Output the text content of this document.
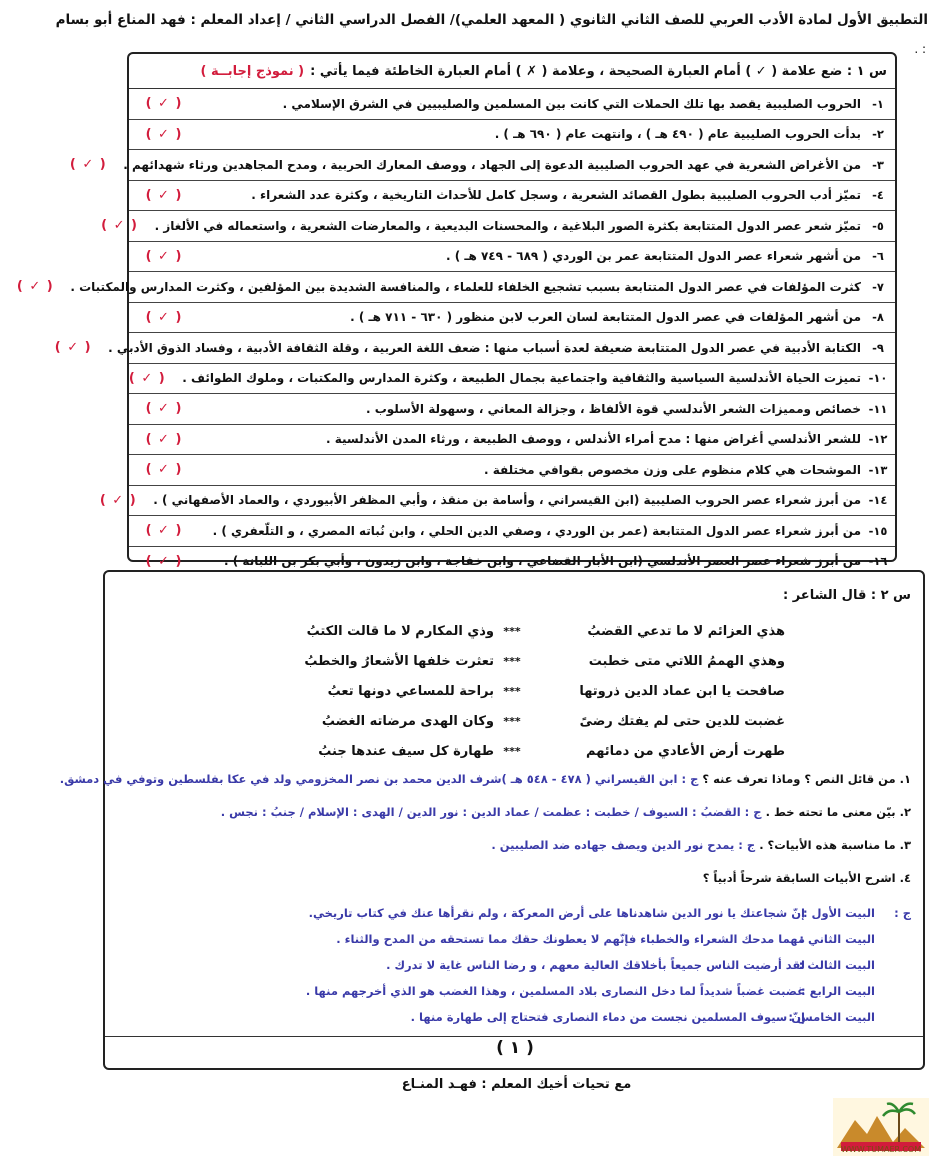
التطبيق الأول لمادة الأدب العربي للصف الثاني الثانوي ( المعهد العلمي)/ الفصل الدراسي الثاني / إعداد المعلم : فهد المناع أبو بسام
: .
س ١ : ضع علامة ( ✓ ) أمام العبارة الصحيحة ، وعلامة ( ✗ ) أمام العبارة الخاطئة فيما يأتي :
( نموذج إجابــة )
١-
الحروب الصليبية يقصد بها تلك الحملات التي كانت بين المسلمين والصليبيين في الشرق الإسلامي .
( ✓ )
٢-
بدأت الحروب الصليبية عام ( ٤٩٠ هـ ) ، وانتهت عام ( ٦٩٠ هـ ) .
( ✓ )
٣-
من الأغراض الشعرية في عهد الحروب الصليبية الدعوة إلى الجهاد ، ووصف المعارك الحربية ، ومدح المجاهدين ورثاء شهدائهم .
( ✓ )
٤-
تميّز أدب الحروب الصليبية بطول القصائد الشعرية ، وسجل كامل للأحداث التاريخية ، وكثرة عدد الشعراء .
( ✓ )
٥-
تميّز شعر عصر الدول المتتابعة بكثرة الصور البلاغية ، والمحسنات البديعية ، والمعارضات الشعرية ، واستعماله في الألغاز .
( ✓ )
٦-
من أشهر شعراء عصر الدول المتتابعة عمر بن الوردي ( ٦٨٩ - ٧٤٩ هـ ) .
( ✓ )
٧-
كثرت المؤلفات في عصر الدول المتتابعة بسبب تشجيع الخلفاء للعلماء ، والمنافسة الشديدة بين المؤلفين ، وكثرت المدارس والمكتبات .
( ✓ )
٨-
من أشهر المؤلفات في عصر الدول المتتابعة لسان العرب لابن منظور ( ٦٣٠ - ٧١١ هـ ) .
( ✓ )
٩-
الكتابة الأدبية في عصر الدول المتتابعة ضعيفة لعدة أسباب منها : ضعف اللغة العربية ، وقلة الثقافة الأدبية ، وفساد الذوق الأدبي .
( ✓ )
١٠-
تميزت الحياة الأندلسية السياسية والثقافية واجتماعية بجمال الطبيعة ، وكثرة المدارس والمكتبات ، وملوك الطوائف .
( ✓ )
١١-
خصائص ومميزات الشعر الأندلسي قوة الألفاظ ، وجزالة المعاني ، وسهولة الأسلوب .
( ✓ )
١٢-
للشعر الأندلسي أغراض منها : مدح أمراء الأندلس ، ووصف الطبيعة ، ورثاء المدن الأندلسية .
( ✓ )
١٣-
الموشحات هي كلام منظوم على وزن مخصوص بقوافي مختلفة .
( ✓ )
١٤-
من أبرز شعراء عصر الحروب الصليبية (ابن القيسراني ، وأسامة بن منقذ ، وأبي المظفر الأبيوردي ، والعماد الأصفهاني ) .
( ✓ )
١٥-
من أبرز شعراء عصر الدول المتتابعة (عمر بن الوردي ، وصفي الدين الحلي ، وابن نُباته المصري ، و التلّعفري ) .
( ✓ )
١٦-
من أبرز شعراء عصر العصر الأندلسي (ابن الأبار القضاعي ، وابن خفاجة ، وابن زيدون ، وأبي بكر بن اللبانة ) .
( ✓ )
س ٢ : قال الشاعر :
هذي العزائم لا ما تدعي القضبُ
***
وذي المكارم لا ما قالت الكتبُ
وهذي الهممُ اللاتي متى خطبت
***
تعثرت خلفها الأشعارُ والخطبُ
صافحت يا ابن عماد الدين ذروتها
***
براحة للمساعي دونها تعبُ
غضبت للدين حتى لم يفتك رضىً
***
وكان الهدى مرضاته الغضبُ
طهرت أرض الأعادي من دمائهم
***
طهارة كل سيف عندها جنبُ
١. من قائل النص ؟ وماذا تعرف عنه ؟ ج : ابن القيسراني ( ٤٧٨ - ٥٤٨ هـ )شرف الدين محمد بن نصر المخزومي ولد في عكا بفلسطين وتوفي في دمشق.
٢. بيّن معنى ما تحته خط . ج : القضبُ : السيوف / خطبت : عظمت / عماد الدين : نور الدين / الهدى : الإسلام / جنبُ : نجس .
٣. ما مناسبة هذه الأبيات؟ . ج : يمدح نور الدين ويصف جهاده ضد الصليبين .
٤. اشرح الأبيات السابقة شرحاً أدبياً ؟
ج :
البيت الأول :
إنّ شجاعتك يا نور الدين شاهدناها على أرض المعركة ، ولم نقرأها عنك في كتاب تاريخي.
البيت الثاني :
مهما مدحك الشعراء والخطباء فإنّهم لا يعطونك حقك مما تستحقه من المدح والثناء .
البيت الثالث :
لقد أرضيت الناس جميعاً بأخلاقك العالية معهم ، و رضا الناس غاية لا تدرك .
البيت الرابع :
غضبت غضباً شديداً لما دخل النصارى بلاد المسلمين ، وهذا الغضب هو الذي أخرجهم منها .
البيت الخامس :
إنّ سيوف المسلمين نجست من دماء النصارى فتحتاج إلى طهارة منها .
( ١ )
مع تحيات أخيك المعلم : فهـد المنـاع
WWW.TUMAER.COM
